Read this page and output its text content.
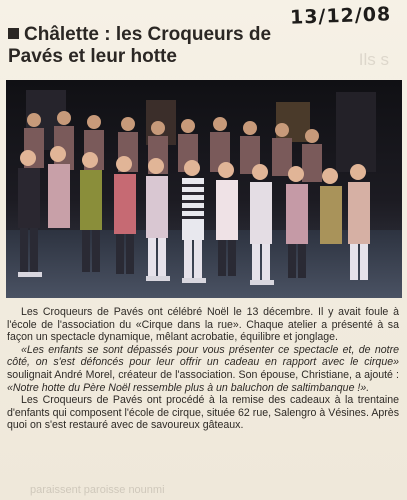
13/12/08
Ils s
Châlette : les Croqueurs de Pavés et leur hotte

Les Croqueurs de Pavés ont célébré Noël le 13 décembre. Il y avait foule à l'école de l'association du «Cirque dans la rue». Chaque atelier a présenté à sa façon un spectacle dynamique, mêlant acrobatie, équilibre et jonglage.

«Les enfants se sont dépassés pour vous présenter ce spectacle et, de notre côté, on s'est défoncés pour leur offrir un cadeau en rapport avec le cirque» soulignait André Morel, créateur de l'association. Son épouse, Christiane, a ajouté : «Notre hotte du Père Noël ressemble plus à un baluchon de saltimbanque !».

Les Croqueurs de Pavés ont procédé à la remise des cadeaux à la trentaine d'enfants qui composent l'école de cirque, située 62 rue, Salengro à Vésines. Après quoi on s'est restauré avec de savoureux gâteaux.

paraissent paroisse nounmi
